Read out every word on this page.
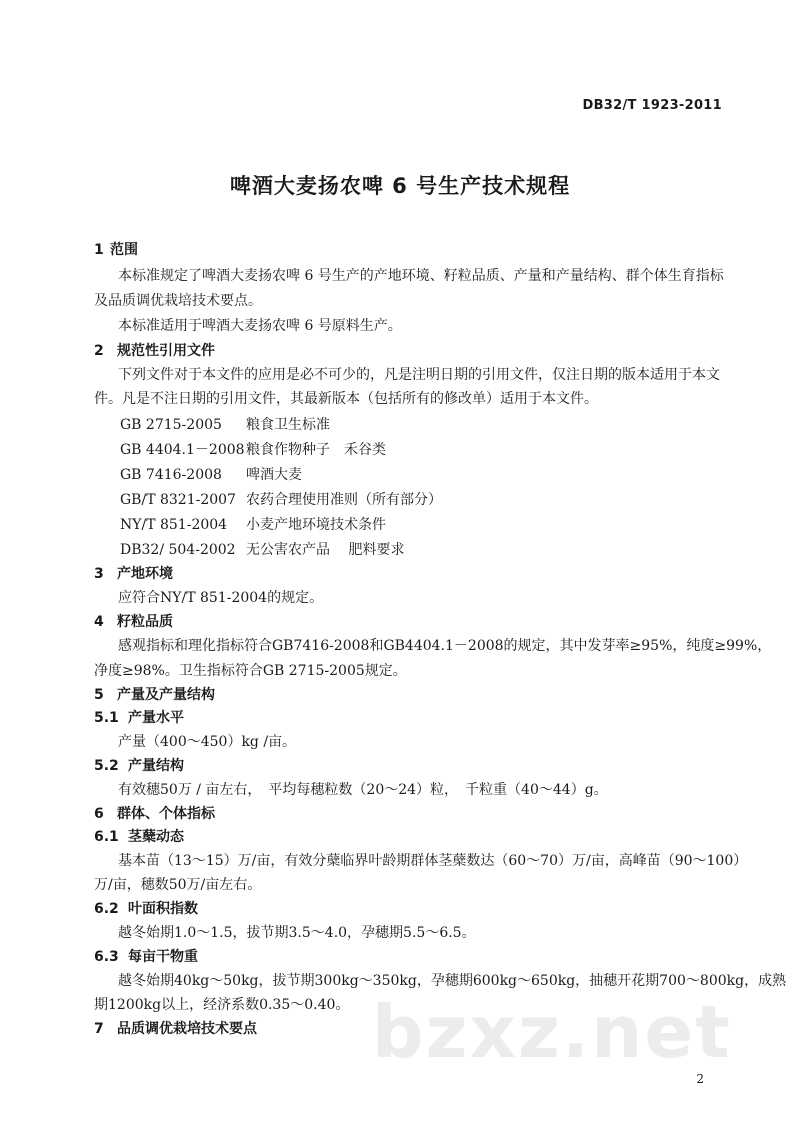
DB32/T 1923-2011
啤酒大麦扬农啤 6 号生产技术规程
1 范围
本标准规定了啤酒大麦扬农啤 6 号生产的产地环境、籽粒品质、产量和产量结构、群个体生育指标
及品质调优栽培技术要点。
本标准适用于啤酒大麦扬农啤 6 号原料生产。
2 规范性引用文件
下列文件对于本文件的应用是必不可少的，凡是注明日期的引用文件，仅注日期的版本适用于本文
件。凡是不注日期的引用文件，其最新版本（包括所有的修改单）适用于本文件。
GB 2715-2005 粮食卫生标准
GB 4404.1－2008粮食作物种子　禾谷类
GB 7416-2008 啤酒大麦
GB/T 8321-2007 农药合理使用准则（所有部分）
NY/T 851-2004 小麦产地环境技术条件
DB32/ 504-2002 无公害农产品　 肥料要求
3 产地环境
应符合NY/T 851-2004的规定。
4 籽粒品质
感观指标和理化指标符合GB7416-2008和GB4404.1－2008的规定，其中发芽率≥95%，纯度≥99%，
净度≥98%。卫生指标符合GB 2715-2005规定。
5 产量及产量结构
5.1 产量水平
产量（400～450）kg /亩。
5.2 产量结构
有效穗50万 / 亩左右，　平均每穗粒数（20～24）粒，　千粒重（40～44）g。
6 群体、个体指标
6.1 茎蘖动态
基本苗（13～15）万/亩，有效分蘖临界叶龄期群体茎蘖数达（60～70）万/亩，高峰苗（90～100）
万/亩，穗数50万/亩左右。
6.2 叶面积指数
越冬始期1.0～1.5，拔节期3.5～4.0，孕穗期5.5～6.5。
6.3 每亩干物重
越冬始期40kg～50kg，拔节期300kg～350kg，孕穗期600kg～650kg，抽穗开花期700～800kg，成熟
期1200kg以上，经济系数0.35～0.40。
7 品质调优栽培技术要点 bzxz.net
2
